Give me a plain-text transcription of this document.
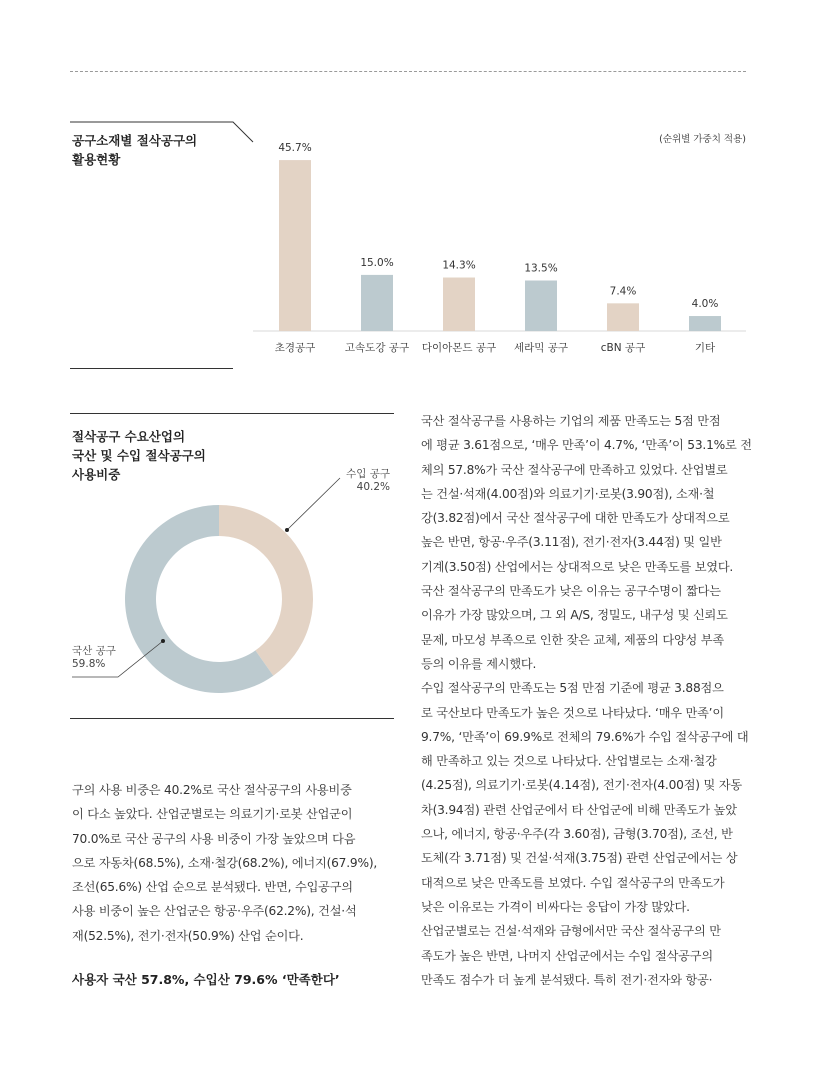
공구소재별 절삭공구의
활용현황
45.7%
초경공구
15.0%
고속도강 공구
14.3%
다이아몬드 공구
13.5%
세라믹 공구
7.4%
cBN 공구
4.0%
기타
(순위별 가중치 적용)
절삭공구 수요산업의
국산 및 수입 절삭공구의
사용비중	수입 공구
40.2%
국산 공구
59.8%
구의 사용 비중은 40.2%로 국산 절삭공구의 사용비중
이 다소 높았다. 산업군별로는 의료기기·로봇 산업군이
70.0%로 국산 공구의 사용 비중이 가장 높았으며 다음
으로 자동차(68.5%), 소재·철강(68.2%), 에너지(67.9%),
조선(65.6%) 산업 순으로 분석됐다. 반면, 수입공구의
사용 비중이 높은 산업군은 항공·우주(62.2%), 건설·석
재(52.5%), 전기·전자(50.9%) 산업 순이다.
사용자 국산 57.8%, 수입산 79.6% ‘만족한다’
국산 절삭공구를 사용하는 기업의 제품 만족도는 5점 만점
에 평균 3.61점으로, ‘매우 만족’이 4.7%, ‘만족’이 53.1%로 전
체의 57.8%가 국산 절삭공구에 만족하고 있었다. 산업별로
는 건설·석재(4.00점)와 의료기기·로봇(3.90점), 소재·철
강(3.82점)에서 국산 절삭공구에 대한 만족도가 상대적으로
높은 반면, 항공·우주(3.11점), 전기·전자(3.44점) 및 일반
기계(3.50점) 산업에서는 상대적으로 낮은 만족도를 보였다.
국산 절삭공구의 만족도가 낮은 이유는 공구수명이 짧다는
이유가 가장 많았으며, 그 외 A/S, 정밀도, 내구성 및 신뢰도
문제, 마모성 부족으로 인한 잦은 교체, 제품의 다양성 부족
등의 이유를 제시했다.
수입 절삭공구의 만족도는 5점 만점 기준에 평균 3.88점으
로 국산보다 만족도가 높은 것으로 나타났다. ‘매우 만족’이
9.7%, ‘만족’이 69.9%로 전체의 79.6%가 수입 절삭공구에 대
해 만족하고 있는 것으로 나타났다. 산업별로는 소재·철강
(4.25점), 의료기기·로봇(4.14점), 전기·전자(4.00점) 및 자동
차(3.94점) 관련 산업군에서 타 산업군에 비해 만족도가 높았
으나, 에너지, 항공·우주(각 3.60점), 금형(3.70점), 조선, 반
도체(각 3.71점) 및 건설·석재(3.75점) 관련 산업군에서는 상
대적으로 낮은 만족도를 보였다. 수입 절삭공구의 만족도가
낮은 이유로는 가격이 비싸다는 응답이 가장 많았다.
산업군별로는 건설·석재와 금형에서만 국산 절삭공구의 만
족도가 높은 반면, 나머지 산업군에서는 수입 절삭공구의
만족도 점수가 더 높게 분석됐다. 특히 전기·전자와 항공·
